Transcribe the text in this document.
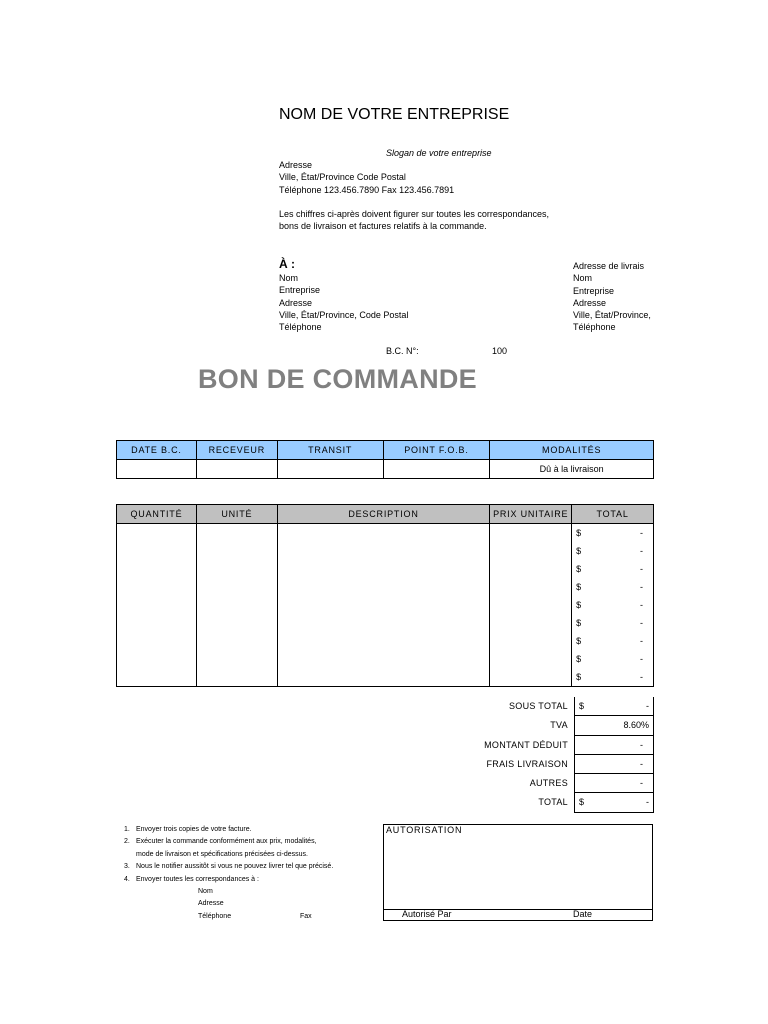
NOM DE VOTRE ENTREPRISE
Slogan de votre entreprise
Adresse
Ville, État/Province Code Postal
Téléphone 123.456.7890 Fax 123.456.7891
Les chiffres ci-après doivent figurer sur toutes les correspondances,
bons de livraison et factures relatifs à la commande.
À :
Nom
Entreprise
Adresse
Ville, État/Province, Code Postal
Téléphone
Adresse de livrais
Nom
Entreprise
Adresse
Ville, État/Province,
Téléphone
B.C. N°:	100
BON DE COMMANDE
DATE B.C.	RECEVEUR	TRANSIT	POINT F.O.B.	MODALITÉS
				Dû à la livraison
QUANTITÉ	UNITÉ	DESCRIPTION	PRIX UNITAIRE	TOTAL

				$ -

				$ -

				$ -

				$ -

				$ -

				$ -

				$ -

				$ -

				$ -
SOUS TOTAL	$	-
TVA	8.60%
MONTANT DÉDUIT	-
FRAIS LIVRAISON	-
AUTRES	-
TOTAL	$	-
1. Envoyer trois copies de votre facture.
2. Exécuter la commande conformément aux prix, modalités,
mode de livraison et spécifications précisées ci-dessus.
3. Nous le notifier aussitôt si vous ne pouvez livrer tel que précisé.
4. Envoyer toutes les correspondances à :
Nom
Adresse
Téléphone	Fax
AUTORISATION
Autorisé Par	Date
